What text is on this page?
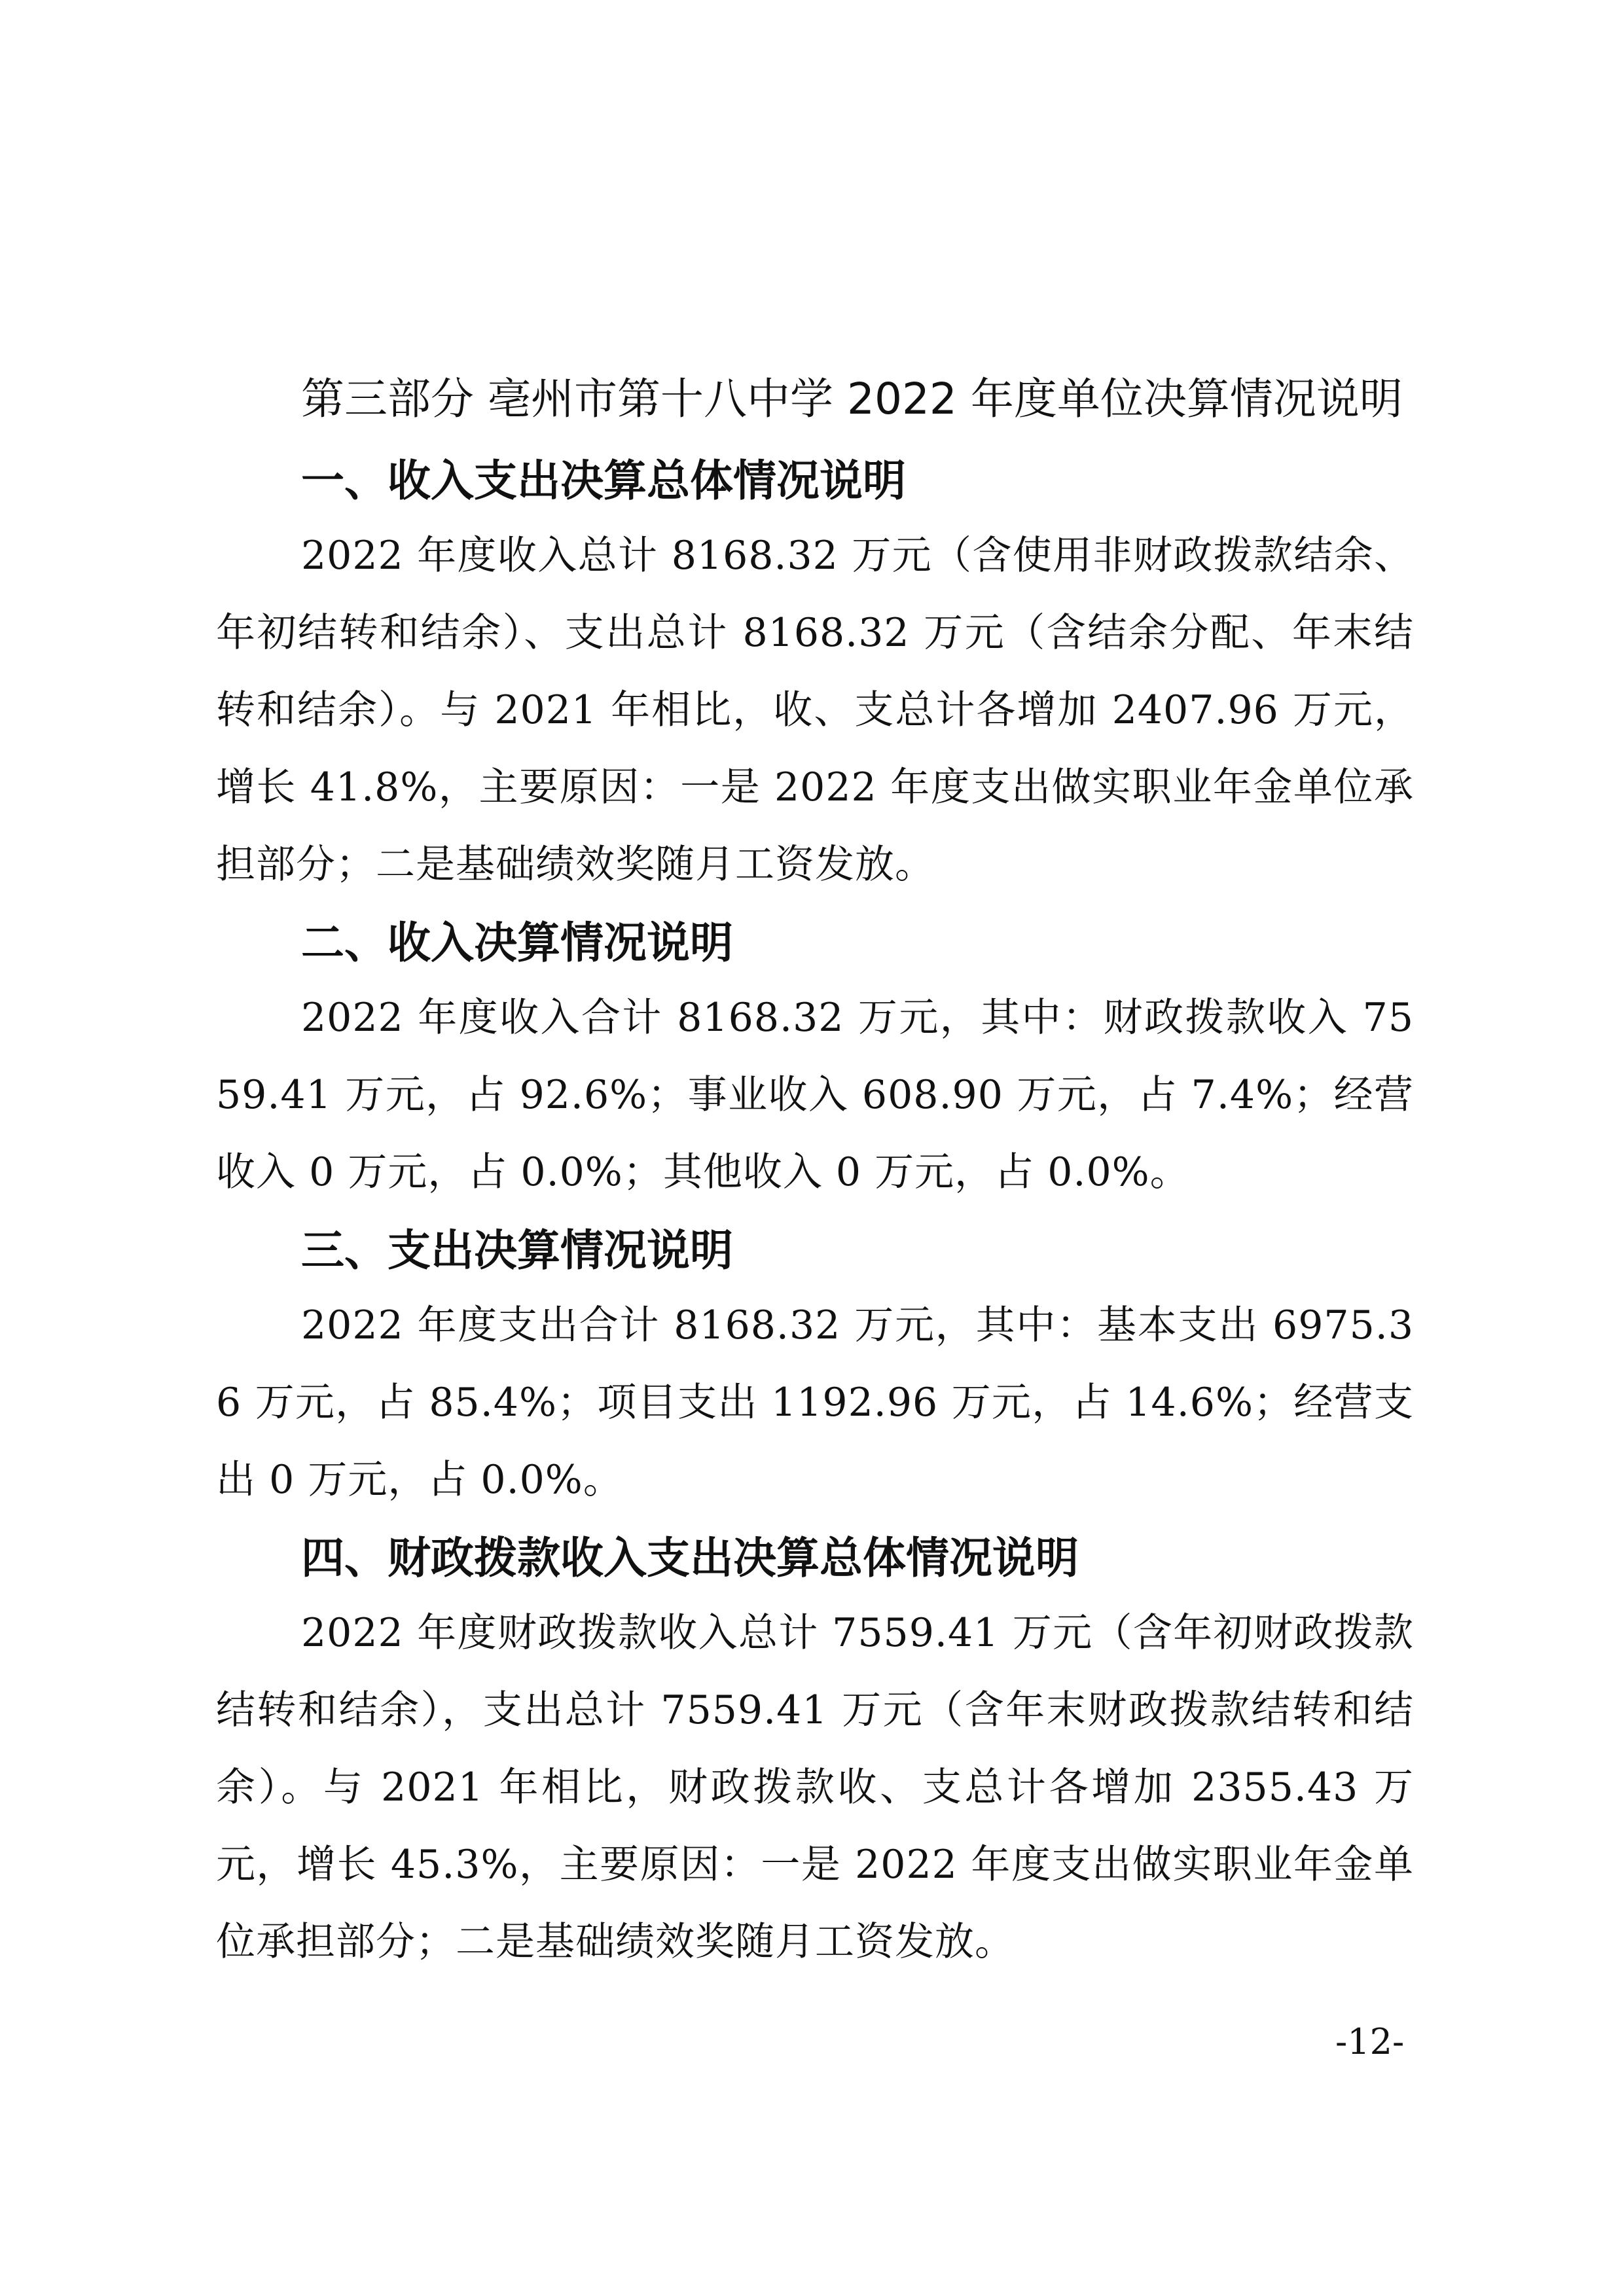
第三部分 亳州市第十八中学 2022 年度单位决算情况说明
一、收入支出决算总体情况说明

2022 年度收入总计 8168.32 万元（含使用非财政拨款结余、年初结转和结余）、支出总计 8168.32 万元（含结余分配、年末结转和结余）。与 2021 年相比，收、支总计各增加 2407.96 万元，增长 41.8%，主要原因：一是 2022 年度支出做实职业年金单位承担部分；二是基础绩效奖随月工资发放。

二、收入决算情况说明

2022 年度收入合计 8168.32 万元，其中：财政拨款收入 7559.41 万元，占 92.6%；事业收入 608.90 万元，占 7.4%；经营收入 0 万元，占 0.0%；其他收入 0 万元，占 0.0%。

三、支出决算情况说明

2022 年度支出合计 8168.32 万元，其中：基本支出 6975.36 万元，占 85.4%；项目支出 1192.96 万元，占 14.6%；经营支出 0 万元，占 0.0%。

四、财政拨款收入支出决算总体情况说明

2022 年度财政拨款收入总计 7559.41 万元（含年初财政拨款结转和结余），支出总计 7559.41 万元（含年末财政拨款结转和结余）。与 2021 年相比，财政拨款收、支总计各增加 2355.43 万元，增长 45.3%，主要原因：一是 2022 年度支出做实职业年金单位承担部分；二是基础绩效奖随月工资发放。

-12-
